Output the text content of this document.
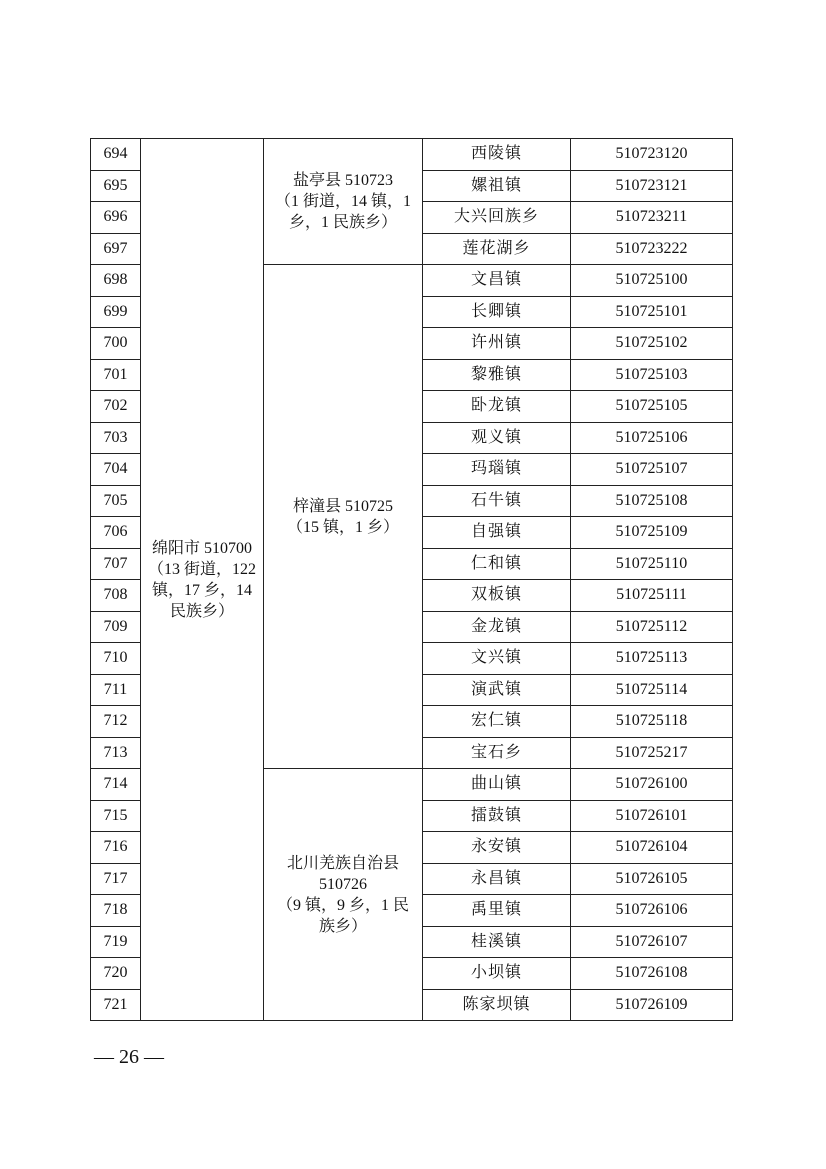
694	绵阳市 510700
（13 街道，122
镇，17 乡，14
民族乡）	盐亭县 510723
（1 街道，14 镇，1
乡，1 民族乡）	西陵镇	510723120
695			嫘祖镇	510723121
696			大兴回族乡	510723211
697			莲花湖乡	510723222
698		梓潼县 510725
（15 镇，1 乡）	文昌镇	510725100
699			长卿镇	510725101
700			许州镇	510725102
701			黎雅镇	510725103
702			卧龙镇	510725105
703			观义镇	510725106
704			玛瑙镇	510725107
705			石牛镇	510725108
706			自强镇	510725109
707			仁和镇	510725110
708			双板镇	510725111
709			金龙镇	510725112
710			文兴镇	510725113
711			演武镇	510725114
712			宏仁镇	510725118
713			宝石乡	510725217
714		北川羌族自治县
510726
（9 镇，9 乡，1 民
族乡）	曲山镇	510726100
715			擂鼓镇	510726101
716			永安镇	510726104
717			永昌镇	510726105
718			禹里镇	510726106
719			桂溪镇	510726107
720			小坝镇	510726108
721			陈家坝镇	510726109
— 26 —
